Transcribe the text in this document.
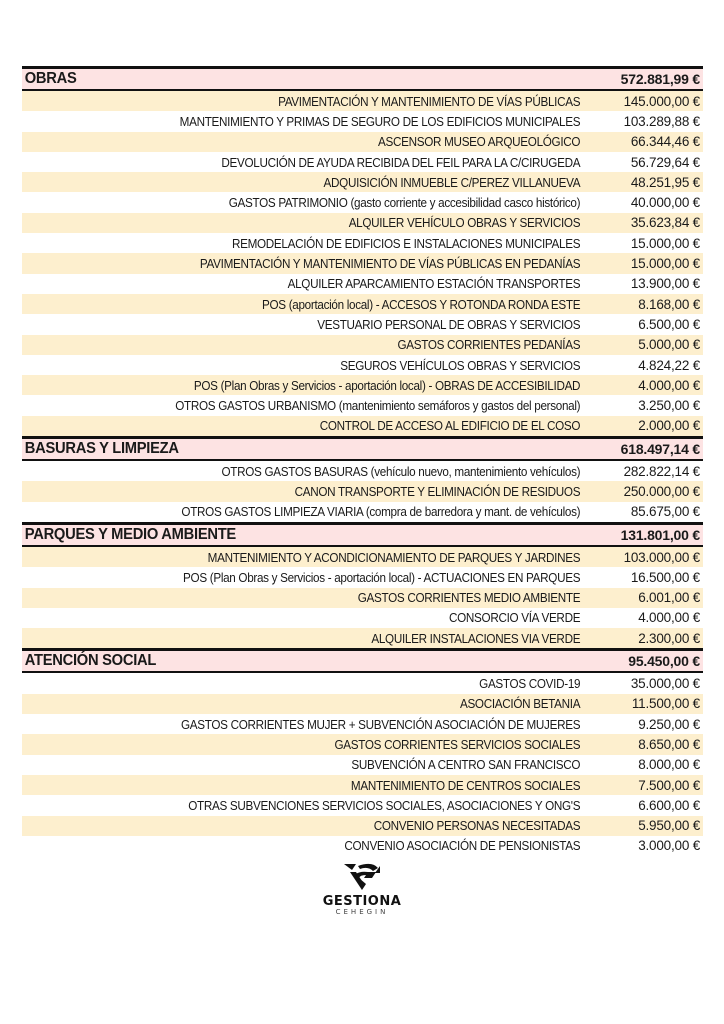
OBRAS	572.881,99 €
PAVIMENTACIÓN Y MANTENIMIENTO DE VÍAS PÚBLICAS	145.000,00 €
MANTENIMIENTO Y PRIMAS DE SEGURO DE LOS EDIFICIOS MUNICIPALES	103.289,88 €
ASCENSOR MUSEO ARQUEOLÓGICO	66.344,46 €
DEVOLUCIÓN DE AYUDA RECIBIDA DEL FEIL PARA LA C/CIRUGEDA	56.729,64 €
ADQUISICIÓN INMUEBLE C/PEREZ VILLANUEVA	48.251,95 €
GASTOS PATRIMONIO (gasto corriente y accesibilidad casco histórico)	40.000,00 €
ALQUILER VEHÍCULO OBRAS Y SERVICIOS	35.623,84 €
REMODELACIÓN DE EDIFICIOS E INSTALACIONES MUNICIPALES	15.000,00 €
PAVIMENTACIÓN Y MANTENIMIENTO DE VÍAS PÚBLICAS EN PEDANÍAS	15.000,00 €
ALQUILER APARCAMIENTO ESTACIÓN TRANSPORTES	13.900,00 €
POS (aportación local) - ACCESOS Y ROTONDA RONDA ESTE	8.168,00 €
VESTUARIO PERSONAL DE OBRAS Y SERVICIOS	6.500,00 €
GASTOS CORRIENTES PEDANÍAS	5.000,00 €
SEGUROS VEHÍCULOS OBRAS Y SERVICIOS	4.824,22 €
POS (Plan Obras y Servicios - aportación local) - OBRAS DE ACCESIBILIDAD	4.000,00 €
OTROS GASTOS URBANISMO (mantenimiento semáforos y gastos del personal)	3.250,00 €
CONTROL DE ACCESO AL EDIFICIO DE EL COSO	2.000,00 €
BASURAS Y LIMPIEZA	618.497,14 €
OTROS GASTOS BASURAS (vehículo nuevo, mantenimiento vehículos)	282.822,14 €
CANON TRANSPORTE Y ELIMINACIÓN DE RESIDUOS	250.000,00 €
OTROS GASTOS LIMPIEZA VIARIA (compra de barredora y mant. de vehículos)	85.675,00 €
PARQUES Y MEDIO AMBIENTE	131.801,00 €
MANTENIMIENTO Y ACONDICIONAMIENTO DE PARQUES Y JARDINES	103.000,00 €
POS (Plan Obras y Servicios - aportación local) - ACTUACIONES EN PARQUES	16.500,00 €
GASTOS CORRIENTES MEDIO AMBIENTE	6.001,00 €
CONSORCIO VÍA VERDE	4.000,00 €
ALQUILER INSTALACIONES VIA VERDE	2.300,00 €
ATENCIÓN SOCIAL	95.450,00 €
GASTOS COVID-19	35.000,00 €
ASOCIACIÓN BETANIA	11.500,00 €
GASTOS CORRIENTES MUJER + SUBVENCIÓN ASOCIACIÓN DE MUJERES	9.250,00 €
GASTOS CORRIENTES SERVICIOS SOCIALES	8.650,00 €
SUBVENCIÓN A CENTRO SAN FRANCISCO	8.000,00 €
MANTENIMIENTO DE CENTROS SOCIALES	7.500,00 €
OTRAS SUBVENCIONES SERVICIOS SOCIALES, ASOCIACIONES Y ONG'S	6.600,00 €
CONVENIO PERSONAS NECESITADAS	5.950,00 €
CONVENIO ASOCIACIÓN DE PENSIONISTAS	3.000,00 €
GESTIONA
CEHEGIN
